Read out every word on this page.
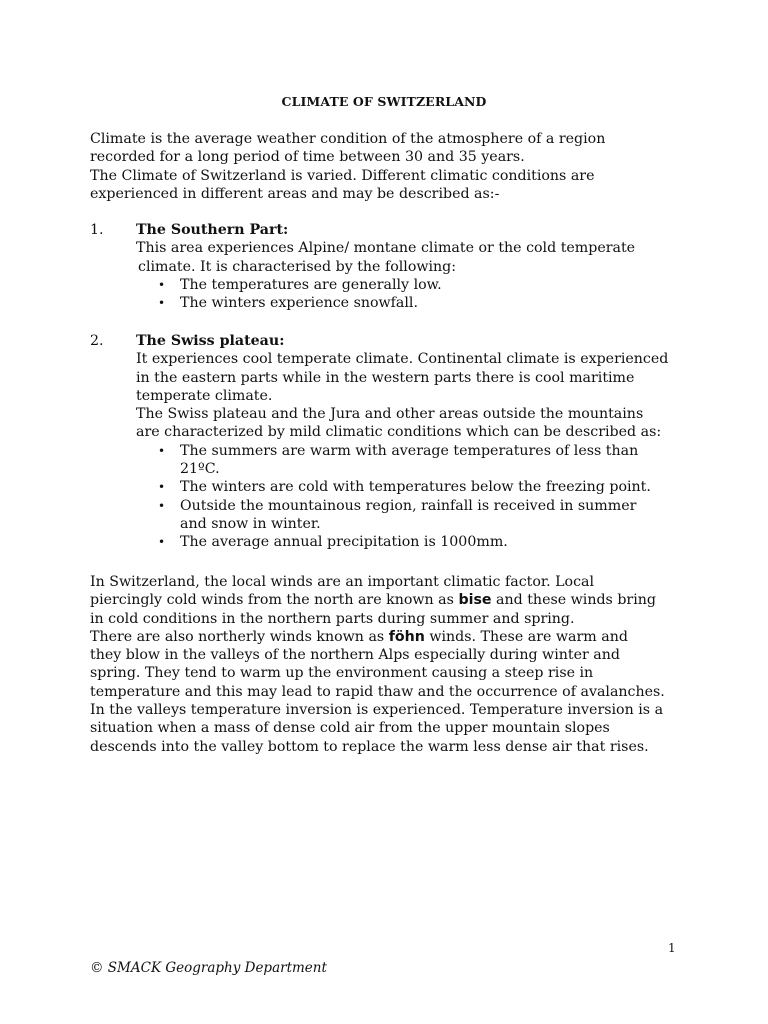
CLIMATE OF SWITZERLAND
Climate is the average weather condition of the atmosphere of a region
recorded for a long period of time between 30 and 35 years.
The Climate of Switzerland is varied. Different climatic conditions are
experienced in different areas and may be described as:-
1.	The Southern Part:
This area experiences Alpine/ montane climate or the cold temperate
climate. It is characterised by the following:
• The temperatures are generally low.
• The winters experience snowfall.
2.	The Swiss plateau:
It experiences cool temperate climate. Continental climate is experienced
in the eastern parts while in the western parts there is cool maritime
temperate climate.
The Swiss plateau and the Jura and other areas outside the mountains
are characterized by mild climatic conditions which can be described as:
• The summers are warm with average temperatures of less than
21ºC.
• The winters are cold with temperatures below the freezing point.
• Outside the mountainous region, rainfall is received in summer
and snow in winter.
• The average annual precipitation is 1000mm.
In Switzerland, the local winds are an important climatic factor. Local
piercingly cold winds from the north are known as bise and these winds bring
in cold conditions in the northern parts during summer and spring.
There are also northerly winds known as föhn winds. These are warm and
they blow in the valleys of the northern Alps especially during winter and
spring. They tend to warm up the environment causing a steep rise in
temperature and this may lead to rapid thaw and the occurrence of avalanches.
In the valleys temperature inversion is experienced. Temperature inversion is a
situation when a mass of dense cold air from the upper mountain slopes
descends into the valley bottom to replace the warm less dense air that rises.
1
© SMACK Geography Department
